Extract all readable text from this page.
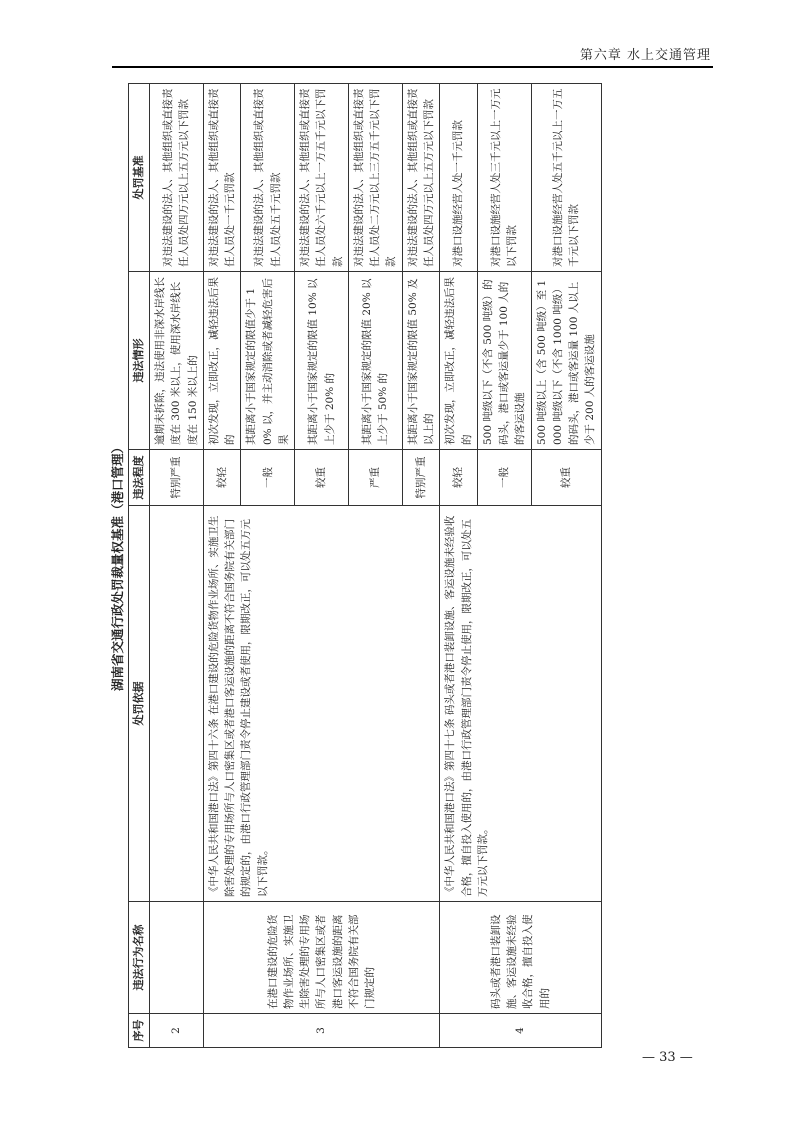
第六章 水上交通管理
湖南省交通行政处罚裁量权基准（港口管理）
序号	违法行为名称	处罚依据	违法程度	违法情形	处罚基准
2			特别严重	逾期未拆除，违法使用非深水岸线长度在 300 米以上，使用深水岸线长度在 150 米以上的	对违法建设的法人、其他组织或直接责任人员处四万元以上五万元以下罚款
3	在港口建设的危险货物作业场所、实施卫生除害处理的专用场所与人口密集区或者港口客运设施的距离不符合国务院有关部门规定的	《中华人民共和国港口法》第四十六条 在港口建设的危险货物作业场所、实施卫生除害处理的专用场所与人口密集区或者港口客运设施的距离不符合国务院有关部门的规定的，由港口行政管理部门责令停止建设或者使用，限期改正，可以处五万元以下罚款。	较轻	初次发现，立即改正，减轻违法后果的	对违法建设的法人、其他组织或直接责任人员处一千元罚款
			一般	其距离小于国家规定的限值少于 10% 以，并主动消除或者减轻危害后果	对违法建设的法人、其他组织或直接责任人员处五千元罚款
			较重	其距离小于国家规定的限值 10% 以上少于 20% 的	对违法建设的法人、其他组织或直接责任人员处六千元以上一万五千元以下罚款
			严重	其距离小于国家规定的限值 20% 以上少于 50% 的	对违法建设的法人、其他组织或直接责任人员处二万元以上三万五千元以下罚款
			特别严重	其距离小于国家规定的限值 50% 及以上的	对违法建设的法人、其他组织或直接责任人员处四万元以上五万元以下罚款
4	码头或者港口装卸设施、客运设施未经验收合格，擅自投入使用的	《中华人民共和国港口法》第四十七条 码头或者港口装卸设施、客运设施未经验收合格，擅自投入使用的，由港口行政管理部门责令停止使用，限期改正，可以处五万元以下罚款。	较轻	初次发现，立即改正，减轻违法后果的	对港口设施经营人处一千元罚款
			一般	500 吨级以下（不含 500 吨级）的码头，港口或客运量少于 100 人的的客运设施	对港口设施经营人处三千元以上一万元以下罚款
			较重	500 吨级以上（含 500 吨级）至 1000 吨级以下（不含 1000 吨级）的码头，港口或客运量 100 人以上少于 200 人的客运设施	对港口设施经营人处五千元以上一万五千元以下罚款
— 33 —
